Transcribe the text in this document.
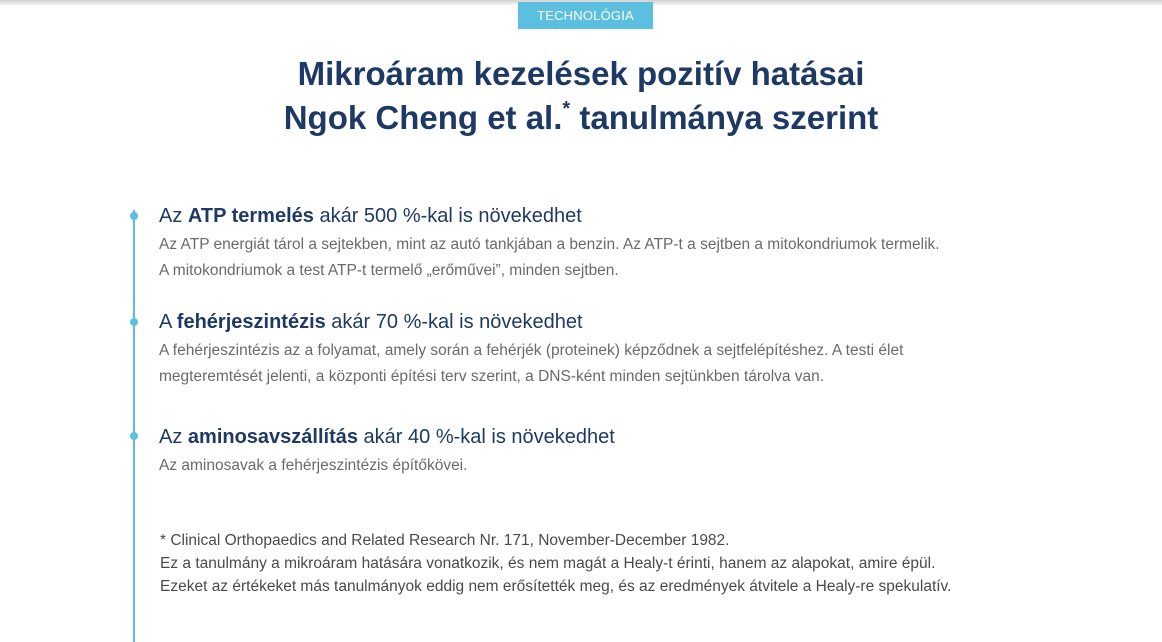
TECHNOLÓGIA
Mikroáram kezelések pozitív hatásai
Ngok Cheng et al.* tanulmánya szerint
Az ATP termelés akár 500 %-kal is növekedhet
Az ATP energiát tárol a sejtekben, mint az autó tankjában a benzin. Az ATP-t a sejtben a mitokondriumok termelik.
A mitokondriumok a test ATP-t termelő „erőművei”, minden sejtben.
A fehérjeszintézis akár 70 %-kal is növekedhet
A fehérjeszintézis az a folyamat, amely során a fehérjék (proteinek) képződnek a sejtfelépítéshez. A testi élet
megteremtését jelenti, a központi építési terv szerint, a DNS-ként minden sejtünkben tárolva van.
Az aminosavszállítás akár 40 %-kal is növekedhet
Az aminosavak a fehérjeszintézis építőkövei.
* Clinical Orthopaedics and Related Research Nr. 171, November-December 1982.
Ez a tanulmány a mikroáram hatására vonatkozik, és nem magát a Healy-t érinti, hanem az alapokat, amire épül.
Ezeket az értékeket más tanulmányok eddig nem erősítették meg, és az eredmények átvitele a Healy-re spekulatív.
